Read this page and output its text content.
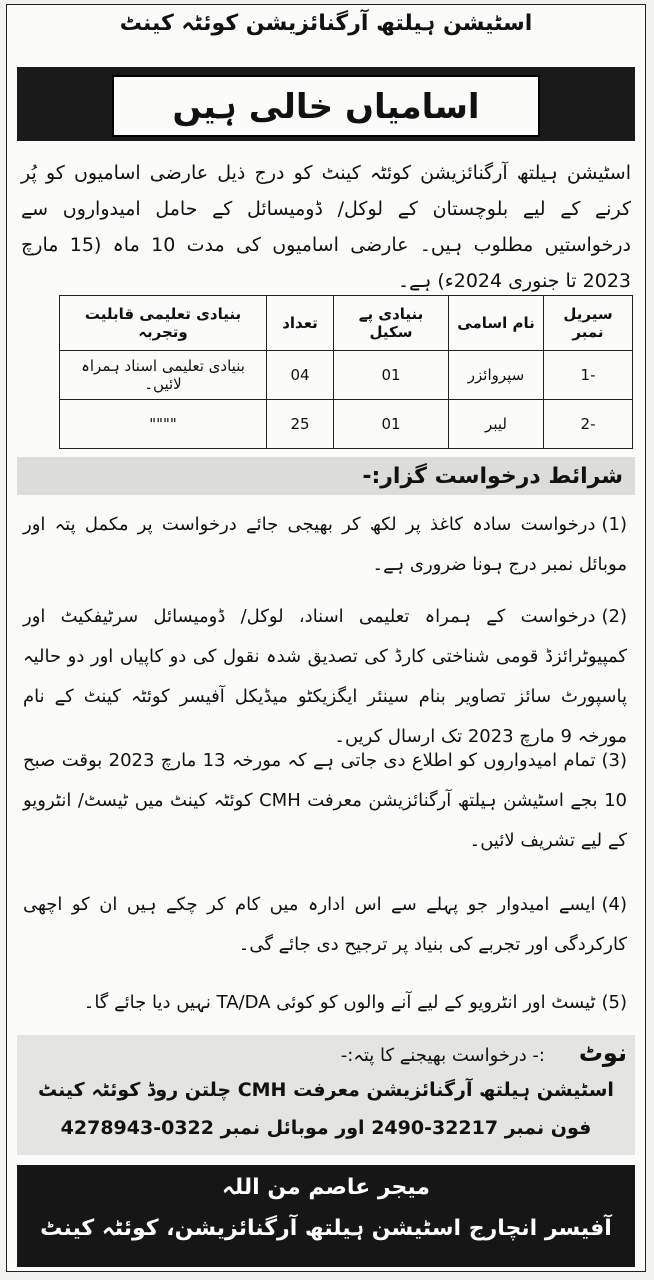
اسٹیشن ہیلتھ آرگنائزیشن کوئٹہ کینٹ
اسامیاں خالی ہیں
اسٹیشن ہیلتھ آرگنائزیشن کوئٹہ کینٹ کو درج ذیل عارضی اسامیوں کو پُر کرنے کے لیے بلوچستان کے لوکل/ ڈومیسائل کے حامل امیدواروں سے درخواستیں مطلوب ہیں۔ عارضی اسامیوں کی مدت 10 ماہ (15 مارچ 2023 تا جنوری 2024ء) ہے۔
سیریل نمبر	نام اسامی	بنیادی پے سکیل	تعداد	بنیادی تعلیمی قابلیت وتجربہ
-1	سپروائزر	01	04	بنیادی تعلیمی اسناد ہمراہ لائیں۔
-2	لیبر	01	25	""""
شرائط درخواست گزار:-
(1)درخواست سادہ کاغذ پر لکھ کر بھیجی جائے درخواست پر مکمل پتہ اور موبائل نمبر درج ہونا ضروری ہے۔
(2)درخواست کے ہمراہ تعلیمی اسناد، لوکل/ ڈومیسائل سرٹیفکیٹ اور کمپیوٹرائزڈ قومی شناختی کارڈ کی تصدیق شدہ نقول کی دو کاپیاں اور دو حالیہ پاسپورٹ سائز تصاویر بنام سینئر ایگزیکٹو میڈیکل آفیسر کوئٹہ کینٹ کے نام مورخہ 9 مارچ 2023 تک ارسال کریں۔
(3)تمام امیدواروں کو اطلاع دی جاتی ہے کہ مورخہ 13 مارچ 2023 بوقت صبح 10 بجے اسٹیشن ہیلتھ آرگنائزیشن معرفت CMH کوئٹہ کینٹ میں ٹیسٹ/ انٹرویو کے لیے تشریف لائیں۔
(4)ایسے امیدوار جو پہلے سے اس ادارہ میں کام کر چکے ہیں ان کو اچھی کارکردگی اور تجربے کی بنیاد پر ترجیح دی جائے گی۔
(5)ٹیسٹ اور انٹرویو کے لیے آنے والوں کو کوئی TA/DA نہیں دیا جائے گا۔
نوٹ
:- درخواست بھیجنے کا پتہ:-
اسٹیشن ہیلتھ آرگنائزیشن معرفت CMH چلتن روڈ کوئٹہ کینٹ
فون نمبر 32217-2490 اور موبائل نمبر 0322-4278943
میجر عاصم من اللہ
آفیسر انچارج اسٹیشن ہیلتھ آرگنائزیشن، کوئٹہ کینٹ
